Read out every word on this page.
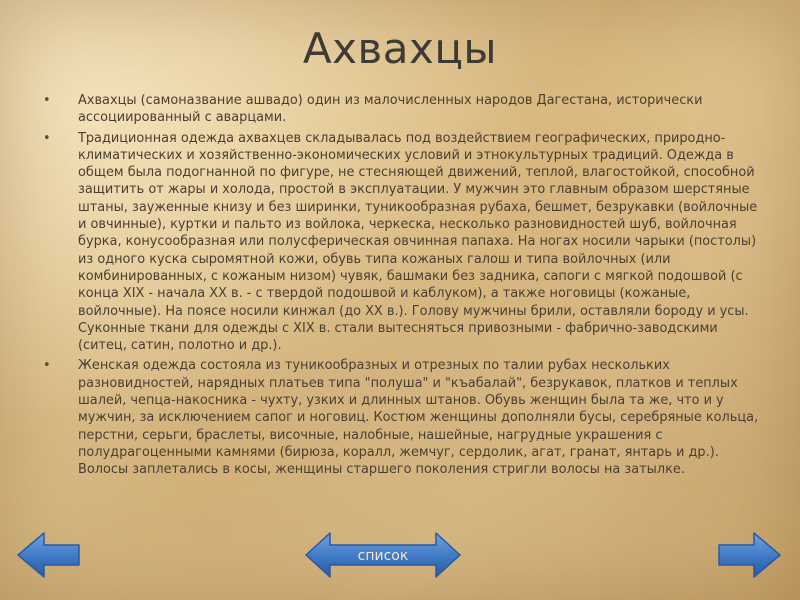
Ахвахцы
• Ахвахцы (самоназвание ашвадо) один из малочисленных народов Дагестана, исторически ассоциированный с аварцами.
• Традиционная одежда ахвахцев складывалась под воздействием географических, природно-климатических и хозяйственно-экономических условий и этнокультурных традиций. Одежда в общем была подогнанной по фигуре, не стесняющей движений, теплой, влагостойкой, способной защитить от жары и холода, простой в эксплуатации. У мужчин это главным образом шерстяные штаны, зауженные книзу и без ширинки, туникообразная рубаха, бешмет, безрукавки (войлочные и овчинные), куртки и пальто из войлока, черкеска, несколько разновидностей шуб, войлочная бурка, конусообразная или полусферическая овчинная папаха. На ногах носили чарыки (постолы) из одного куска сыромятной кожи, обувь типа кожаных галош и типа войлочных (или комбинированных, с кожаным низом) чувяк, башмаки без задника, сапоги с мягкой подошвой (с конца XIX - начала XX в. - с твердой подошвой и каблуком), а также ноговицы (кожаные, войлочные). На поясе носили кинжал (до XX в.). Голову мужчины брили, оставляли бороду и усы. Суконные ткани для одежды с XIX в. стали вытесняться привозными - фабрично-заводскими (ситец, сатин, полотно и др.).
• Женская одежда состояла из туникообразных и отрезных по талии рубах нескольких разновидностей, нарядных платьев типа "полуша" и "къабалай", безрукавок, платков и теплых шалей, чепца-накосника - чухту, узких и длинных штанов. Обувь женщин была та же, что и у мужчин, за исключением сапог и ноговиц. Костюм женщины дополняли бусы, серебряные кольца, перстни, серьги, браслеты, височные, налобные, нашейные, нагрудные украшения с полудрагоценными камнями (бирюза, коралл, жемчуг, сердолик, агат, гранат, янтарь и др.). Волосы заплетались в косы, женщины старшего поколения стригли волосы на затылке.
список
